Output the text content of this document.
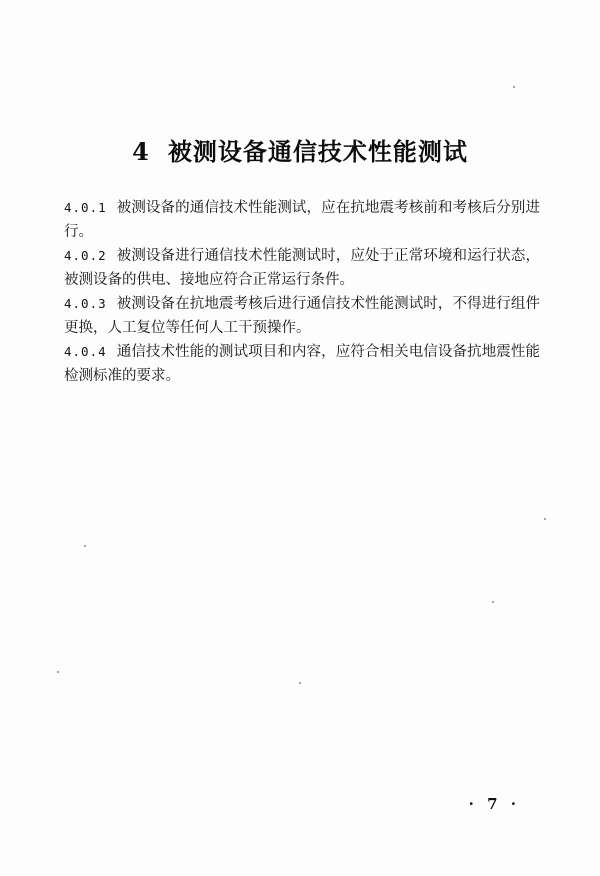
4 被测设备通信技术性能测试

4.0.1 被测设备的通信技术性能测试，应在抗地震考核前和考核后分别进行。

4.0.2 被测设备进行通信技术性能测试时，应处于正常环境和运行状态，被测设备的供电、接地应符合正常运行条件。

4.0.3 被测设备在抗地震考核后进行通信技术性能测试时，不得进行组件更换，人工复位等任何人工干预操作。

4.0.4 通信技术性能的测试项目和内容，应符合相关电信设备抗地震性能检测标准的要求。

· 7 ·
